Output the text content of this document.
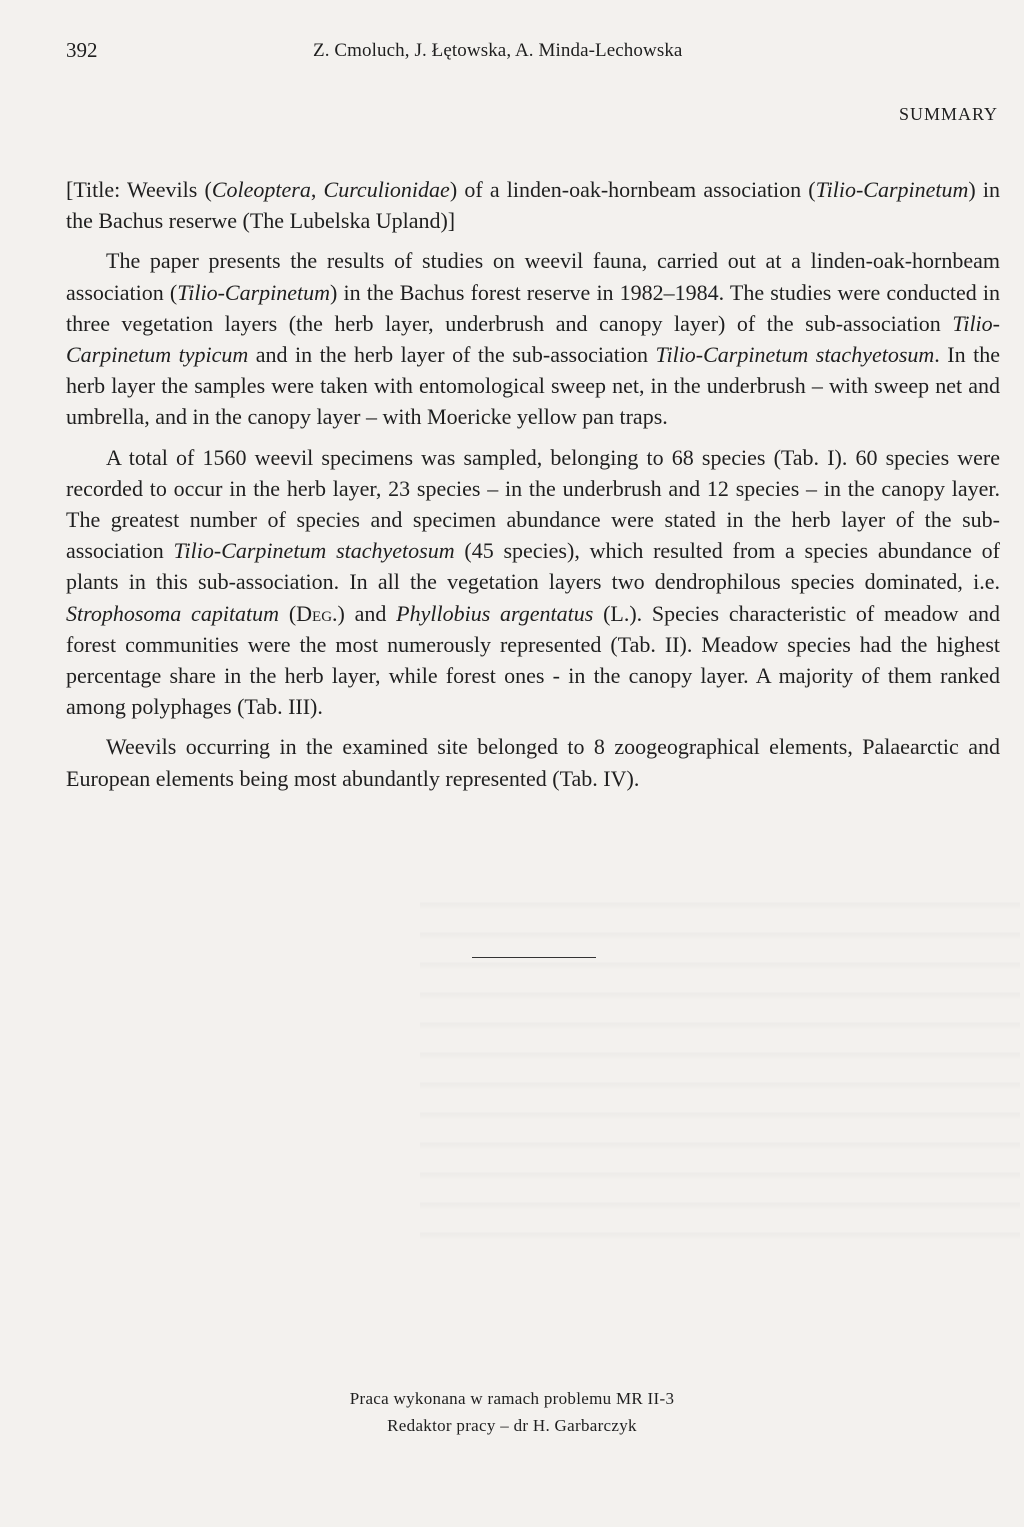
392	Z. Cmoluch, J. Łętowska, A. Minda-Lechowska
SUMMARY

[Title: Weevils (Coleoptera, Curculionidae) of a linden-oak-hornbeam association (Tilio-Carpinetum) in the Bachus reserwe (The Lubelska Upland)]

The paper presents the results of studies on weevil fauna, carried out at a linden-oak-hornbeam association (Tilio-Carpinetum) in the Bachus forest reserve in 1982–1984. The studies were conducted in three vegetation layers (the herb layer, underbrush and canopy layer) of the sub-association Tilio-Carpinetum typicum and in the herb layer of the sub-association Tilio-Carpinetum stachyetosum. In the herb layer the samples were taken with entomological sweep net, in the underbrush – with sweep net and umbrella, and in the canopy layer – with Moericke yellow pan traps.

A total of 1560 weevil specimens was sampled, belonging to 68 species (Tab. I). 60 species were recorded to occur in the herb layer, 23 species – in the underbrush and 12 species – in the canopy layer. The greatest number of species and specimen abundance were stated in the herb layer of the sub-association Tilio-Carpinetum stachyetosum (45 species), which resulted from a species abundance of plants in this sub-association. In all the vegetation layers two dendrophilous species dominated, i.e. Strophosoma capitatum (Deg.) and Phyllobius argentatus (L.). Species characteristic of meadow and forest communities were the most numerously represented (Tab. II). Meadow species had the highest percentage share in the herb layer, while forest ones - in the canopy layer. A majority of them ranked among polyphages (Tab. III).

Weevils occurring in the examined site belonged to 8 zoogeographical elements, Palaearctic and European elements being most abundantly represented (Tab. IV).

Praca wykonana w ramach problemu MR II-3
Redaktor pracy – dr H. Garbarczyk
